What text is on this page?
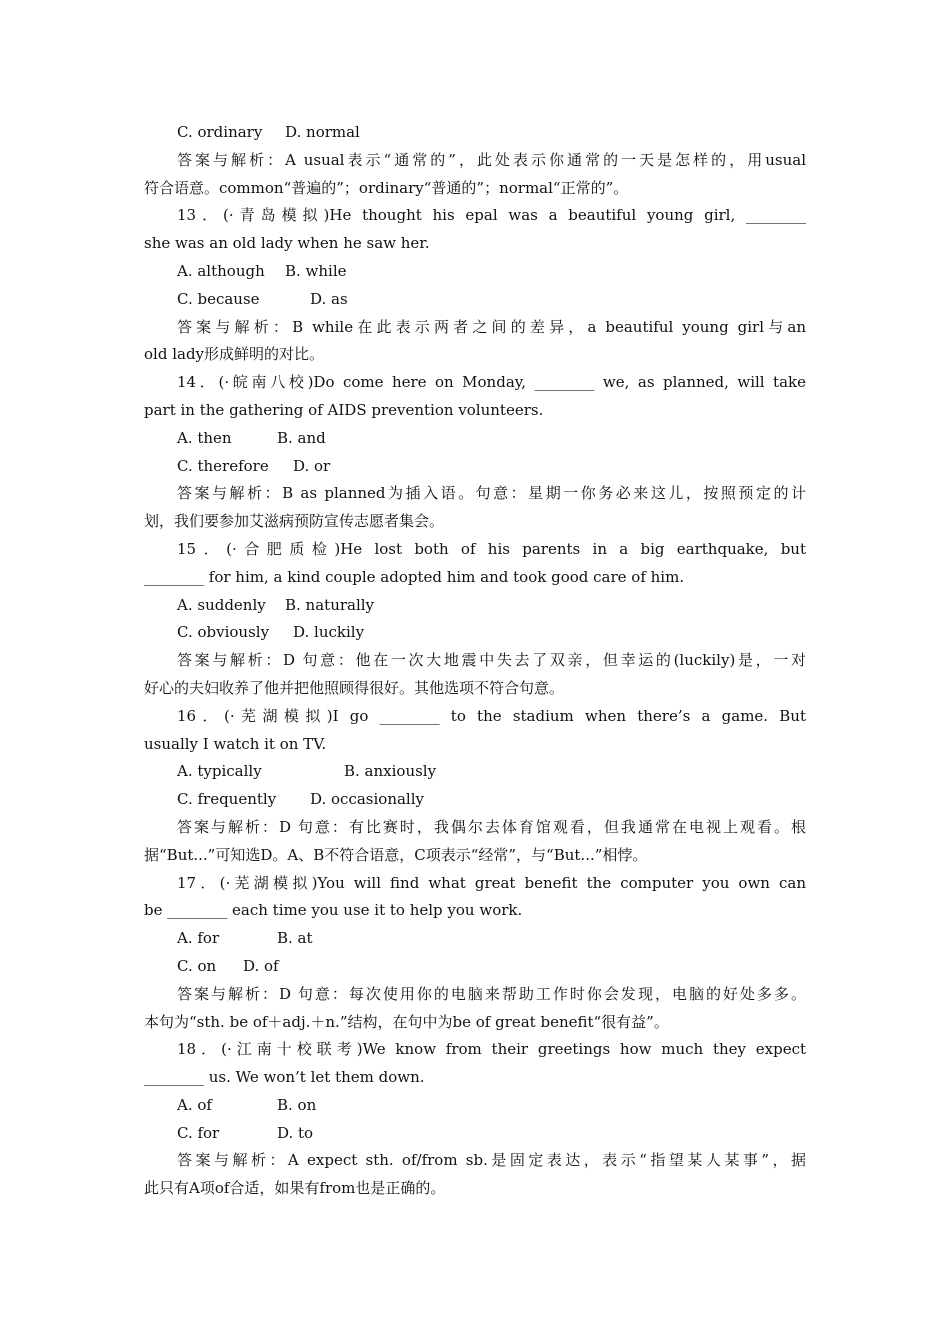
C. ordinary D. normal
答案与解析：A usual表示“通常的”，此处表示你通常的一天是怎样的，用usual
符合语意。common“普遍的”；ordinary“普通的”；normal“正常的”。
13．(·青岛模拟)He thought his epal was a beautiful young girl, ________
she was an old lady when he saw her.
A. although B. while
C. because	D. as
答案与解析：B while在此表示两者之间的差异，a beautiful young girl与an
old lady形成鲜明的对比。
14．(·皖南八校)Do come here on Monday, ________ we, as planned, will take
part in the gathering of AIDS prevention volunteers.
A. then	B. and
C. therefore D. or
答案与解析：B as planned为插入语。句意：星期一你务必来这儿，按照预定的计
划，我们要参加艾滋病预防宣传志愿者集会。
15．(·合肥质检)He lost both of his parents in a big earthquake, but
________ for him, a kind couple adopted him and took good care of him.
A. suddenly B. naturally
C. obviously D. luckily
答案与解析：D 句意：他在一次大地震中失去了双亲，但幸运的(luckily)是，一对
好心的夫妇收养了他并把他照顾得很好。其他选项不符合句意。
16．(·芜湖模拟)I go ________ to the stadium when there’s a game. But
usually I watch it on TV.
A. typically	B. anxiously
C. frequently D. occasionally
答案与解析：D 句意：有比赛时，我偶尔去体育馆观看，但我通常在电视上观看。根
据“But...”可知选D。A、B不符合语意，C项表示“经常”，与“But...”相悖。
17．(·芜湖模拟)You will find what great benefit the computer you own can
be ________ each time you use it to help you work.
A. for	B. at
C. on D. of
答案与解析：D 句意：每次使用你的电脑来帮助工作时你会发现，电脑的好处多多。
本句为“sth. be of＋adj.＋n.”结构，在句中为be of great benefit“很有益”。
18．(·江南十校联考)We know from their greetings how much they expect
________ us. We won’t let them down.
A. of	B. on
C. for	D. to
答案与解析：A expect sth. of/from sb.是固定表达，表示“指望某人某事”，据
此只有A项of合适，如果有from也是正确的。
